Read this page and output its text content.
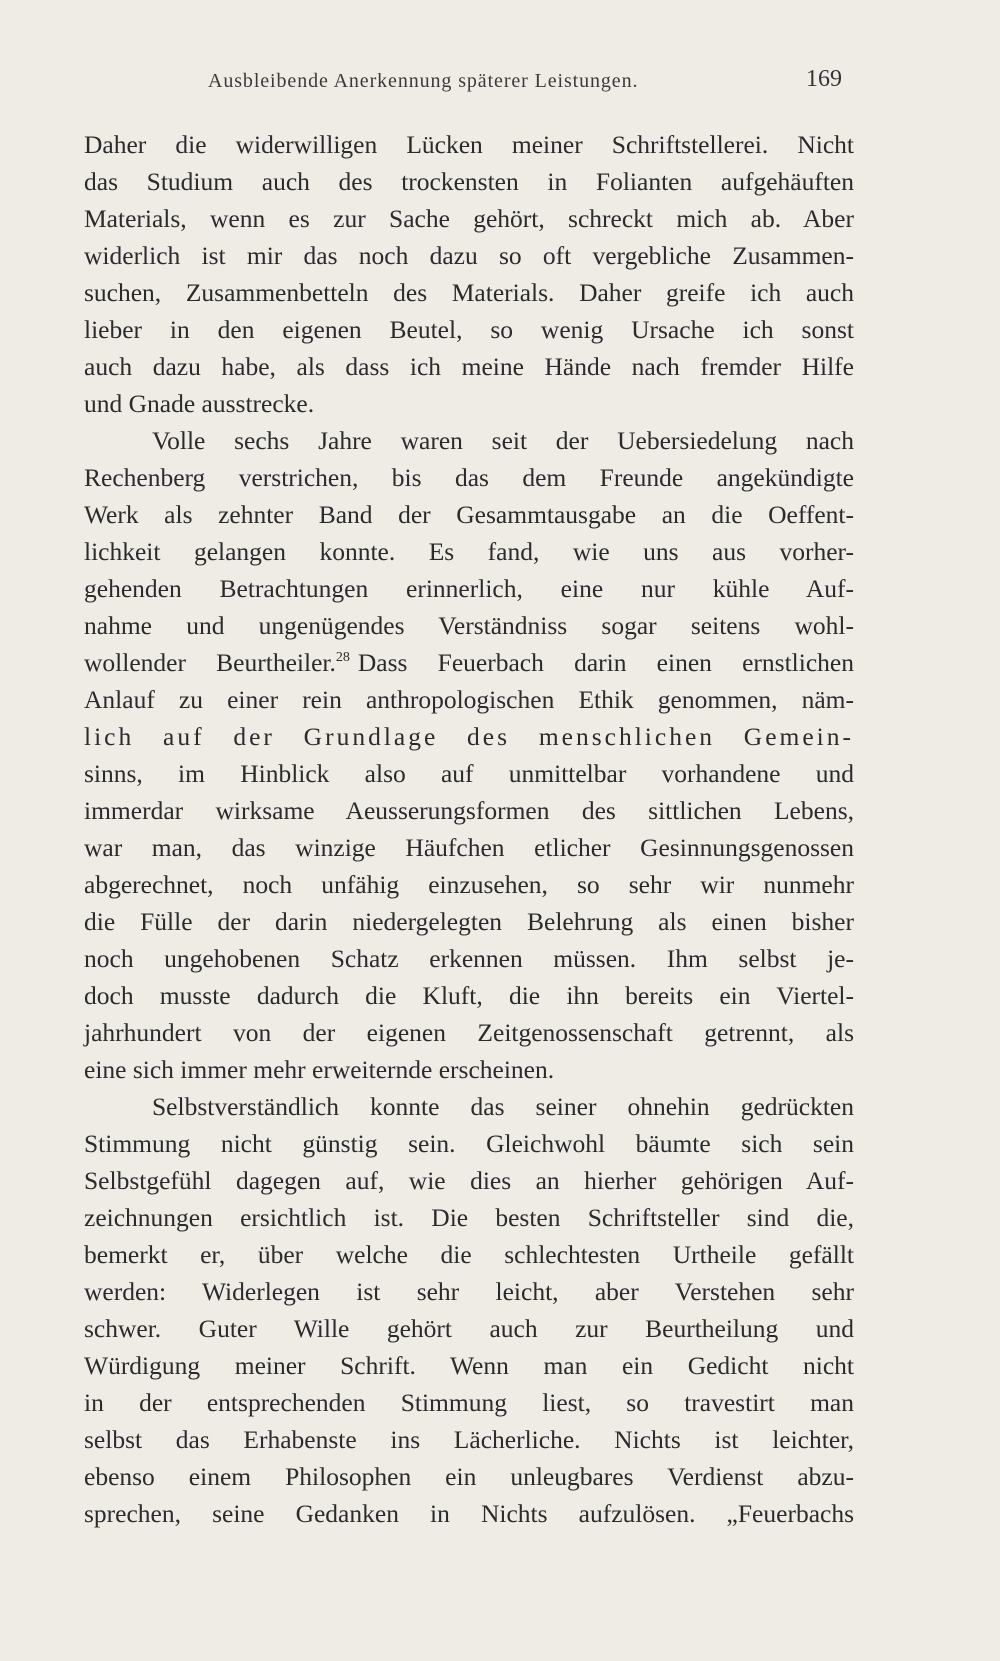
Ausbleibende Anerkennung späterer Leistungen.	169
Daher die widerwilligen Lücken meiner Schriftstellerei. Nicht
das Studium auch des trockensten in Folianten aufgehäuften
Materials, wenn es zur Sache gehört, schreckt mich ab. Aber
widerlich ist mir das noch dazu so oft vergebliche Zusammen-
suchen, Zusammenbetteln des Materials. Daher greife ich auch
lieber in den eigenen Beutel, so wenig Ursache ich sonst
auch dazu habe, als dass ich meine Hände nach fremder Hilfe
und Gnade ausstrecke.
Volle sechs Jahre waren seit der Uebersiedelung nach
Rechenberg verstrichen, bis das dem Freunde angekündigte
Werk als zehnter Band der Gesammtausgabe an die Oeffent-
lichkeit gelangen konnte. Es fand, wie uns aus vorher-
gehenden Betrachtungen erinnerlich, eine nur kühle Auf-
nahme und ungenügendes Verständniss sogar seitens wohl-
wollender Beurtheiler.$^{28}$ Dass Feuerbach darin einen ernstlichen
Anlauf zu einer rein anthropologischen Ethik genommen, näm-
lich auf der Grundlage des menschlichen Gemein-
sinns, im Hinblick also auf unmittelbar vorhandene und
immerdar wirksame Aeusserungsformen des sittlichen Lebens,
war man, das winzige Häufchen etlicher Gesinnungsgenossen
abgerechnet, noch unfähig einzusehen, so sehr wir nunmehr
die Fülle der darin niedergelegten Belehrung als einen bisher
noch ungehobenen Schatz erkennen müssen. Ihm selbst je-
doch musste dadurch die Kluft, die ihn bereits ein Viertel-
jahrhundert von der eigenen Zeitgenossenschaft getrennt, als
eine sich immer mehr erweiternde erscheinen.
Selbstverständlich konnte das seiner ohnehin gedrückten
Stimmung nicht günstig sein. Gleichwohl bäumte sich sein
Selbstgefühl dagegen auf, wie dies an hierher gehörigen Auf-
zeichnungen ersichtlich ist. Die besten Schriftsteller sind die,
bemerkt er, über welche die schlechtesten Urtheile gefällt
werden: Widerlegen ist sehr leicht, aber Verstehen sehr
schwer. Guter Wille gehört auch zur Beurtheilung und
Würdigung meiner Schrift. Wenn man ein Gedicht nicht
in der entsprechenden Stimmung liest, so travestirt man
selbst das Erhabenste ins Lächerliche. Nichts ist leichter,
ebenso einem Philosophen ein unleugbares Verdienst abzu-
sprechen, seine Gedanken in Nichts aufzulösen. „Feuerbachs
